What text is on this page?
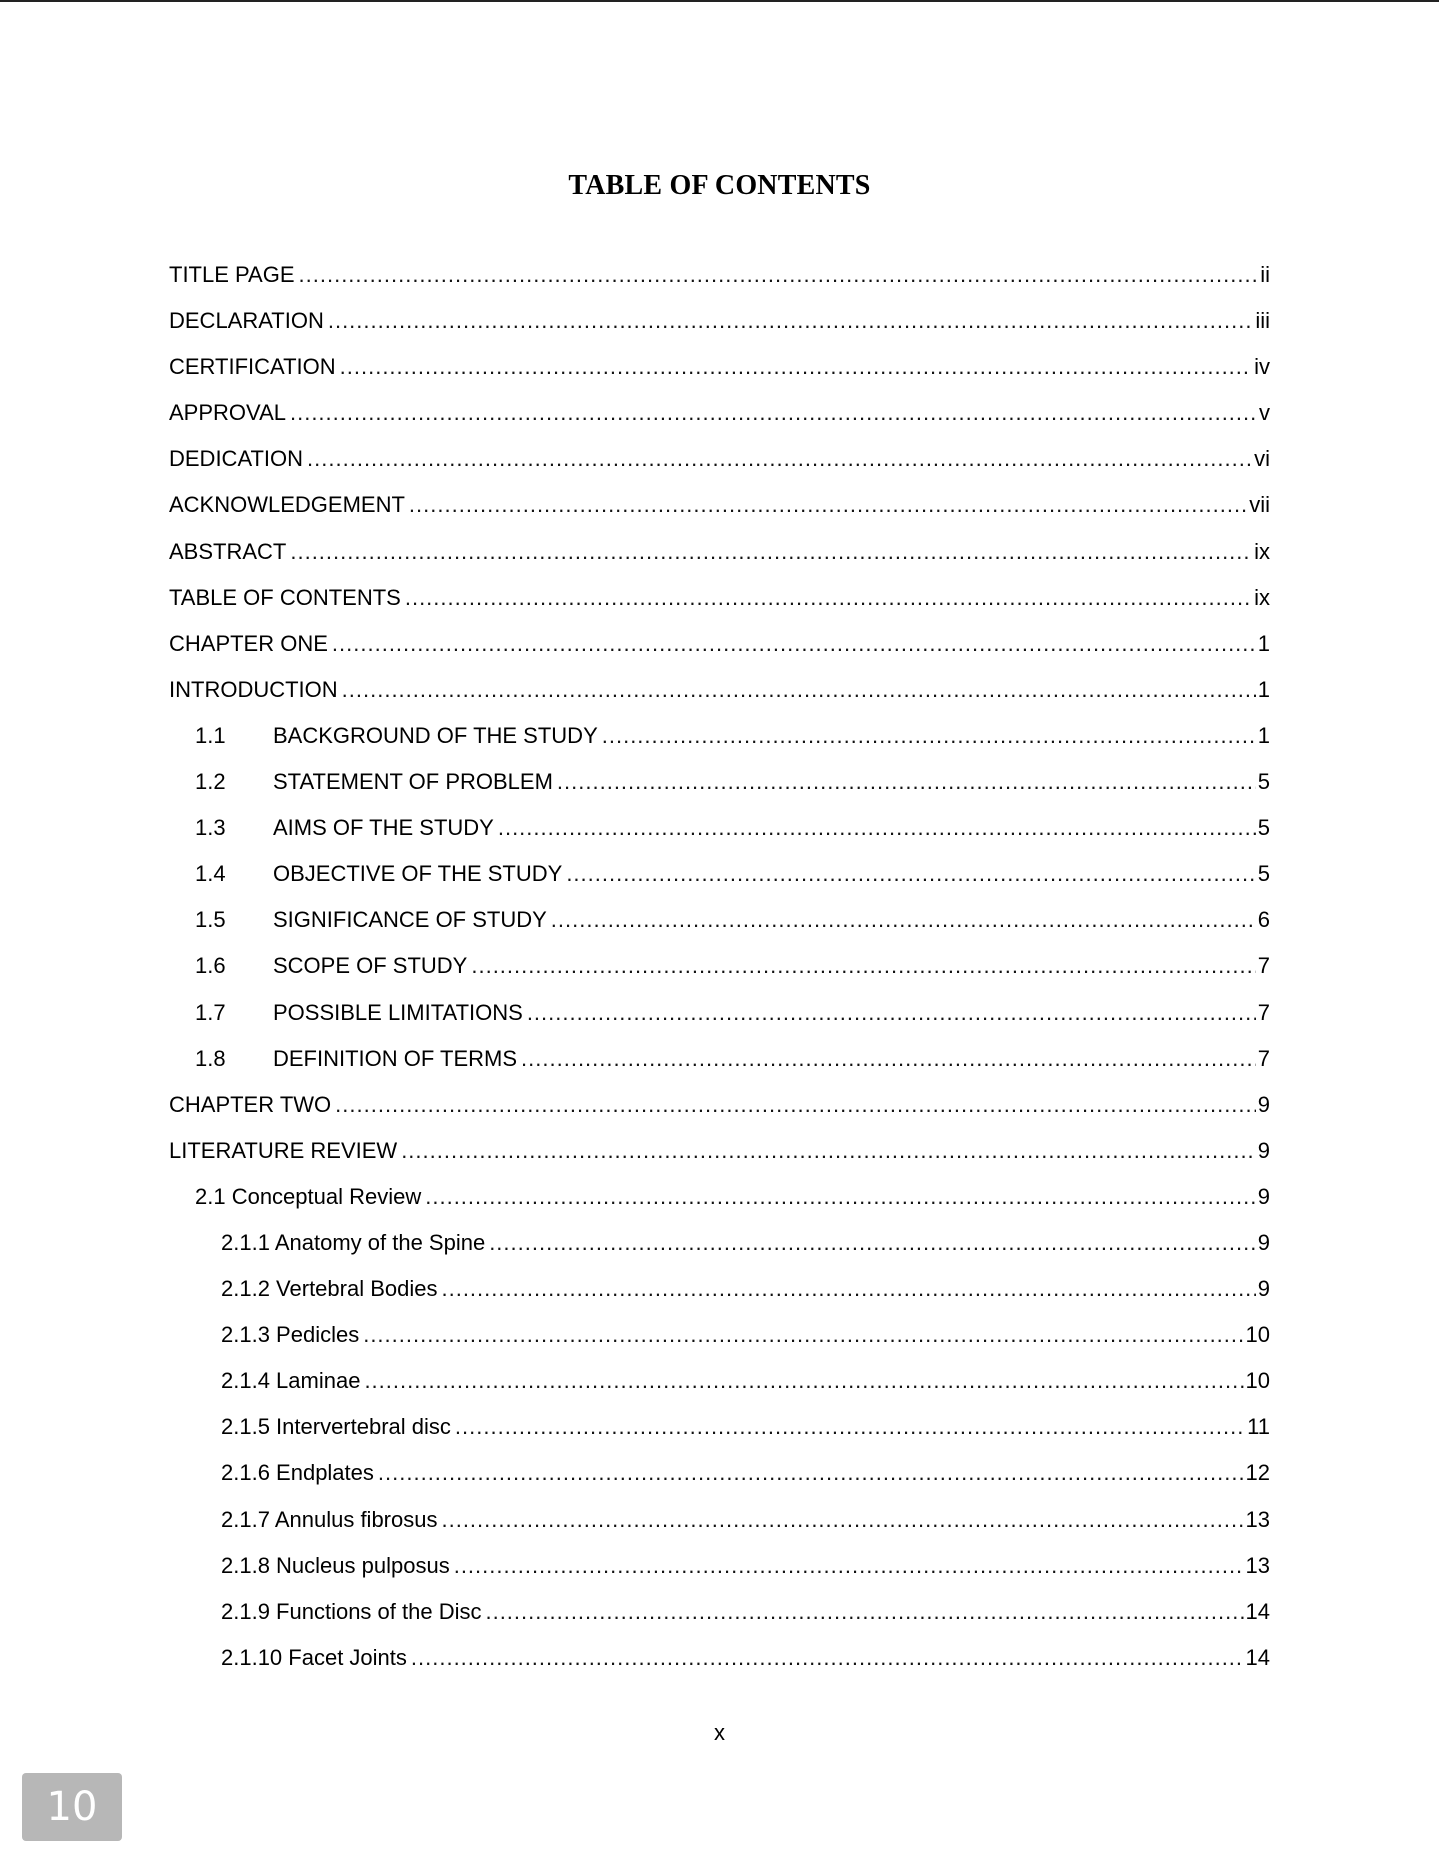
TABLE OF CONTENTS
TITLE PAGE .....	ii
DECLARATION .....	iii
CERTIFICATION .....	iv
APPROVAL .....	v
DEDICATION .....	vi
ACKNOWLEDGEMENT .....	vii
ABSTRACT .....	ix
TABLE OF CONTENTS .....	ix
CHAPTER ONE .....	1
INTRODUCTION .....	1
1.1	BACKGROUND OF THE STUDY .....	1
1.2	STATEMENT OF PROBLEM .....	5
1.3	AIMS OF THE STUDY .....	5
1.4	OBJECTIVE OF THE STUDY .....	5
1.5	SIGNIFICANCE OF STUDY .....	6
1.6	SCOPE OF STUDY .....	7
1.7	POSSIBLE LIMITATIONS .....	7
1.8	DEFINITION OF TERMS .....	7
CHAPTER TWO .....	9
LITERATURE REVIEW .....	9
2.1 Conceptual Review .....	9
2.1.1 Anatomy of the Spine .....	9
2.1.2 Vertebral Bodies .....	9
2.1.3 Pedicles .....	10
2.1.4 Laminae .....	10
2.1.5 Intervertebral disc .....	11
2.1.6 Endplates .....	12
2.1.7 Annulus fibrosus .....	13
2.1.8 Nucleus pulposus .....	13
2.1.9 Functions of the Disc .....	14
2.1.10 Facet Joints .....	14
x
10
